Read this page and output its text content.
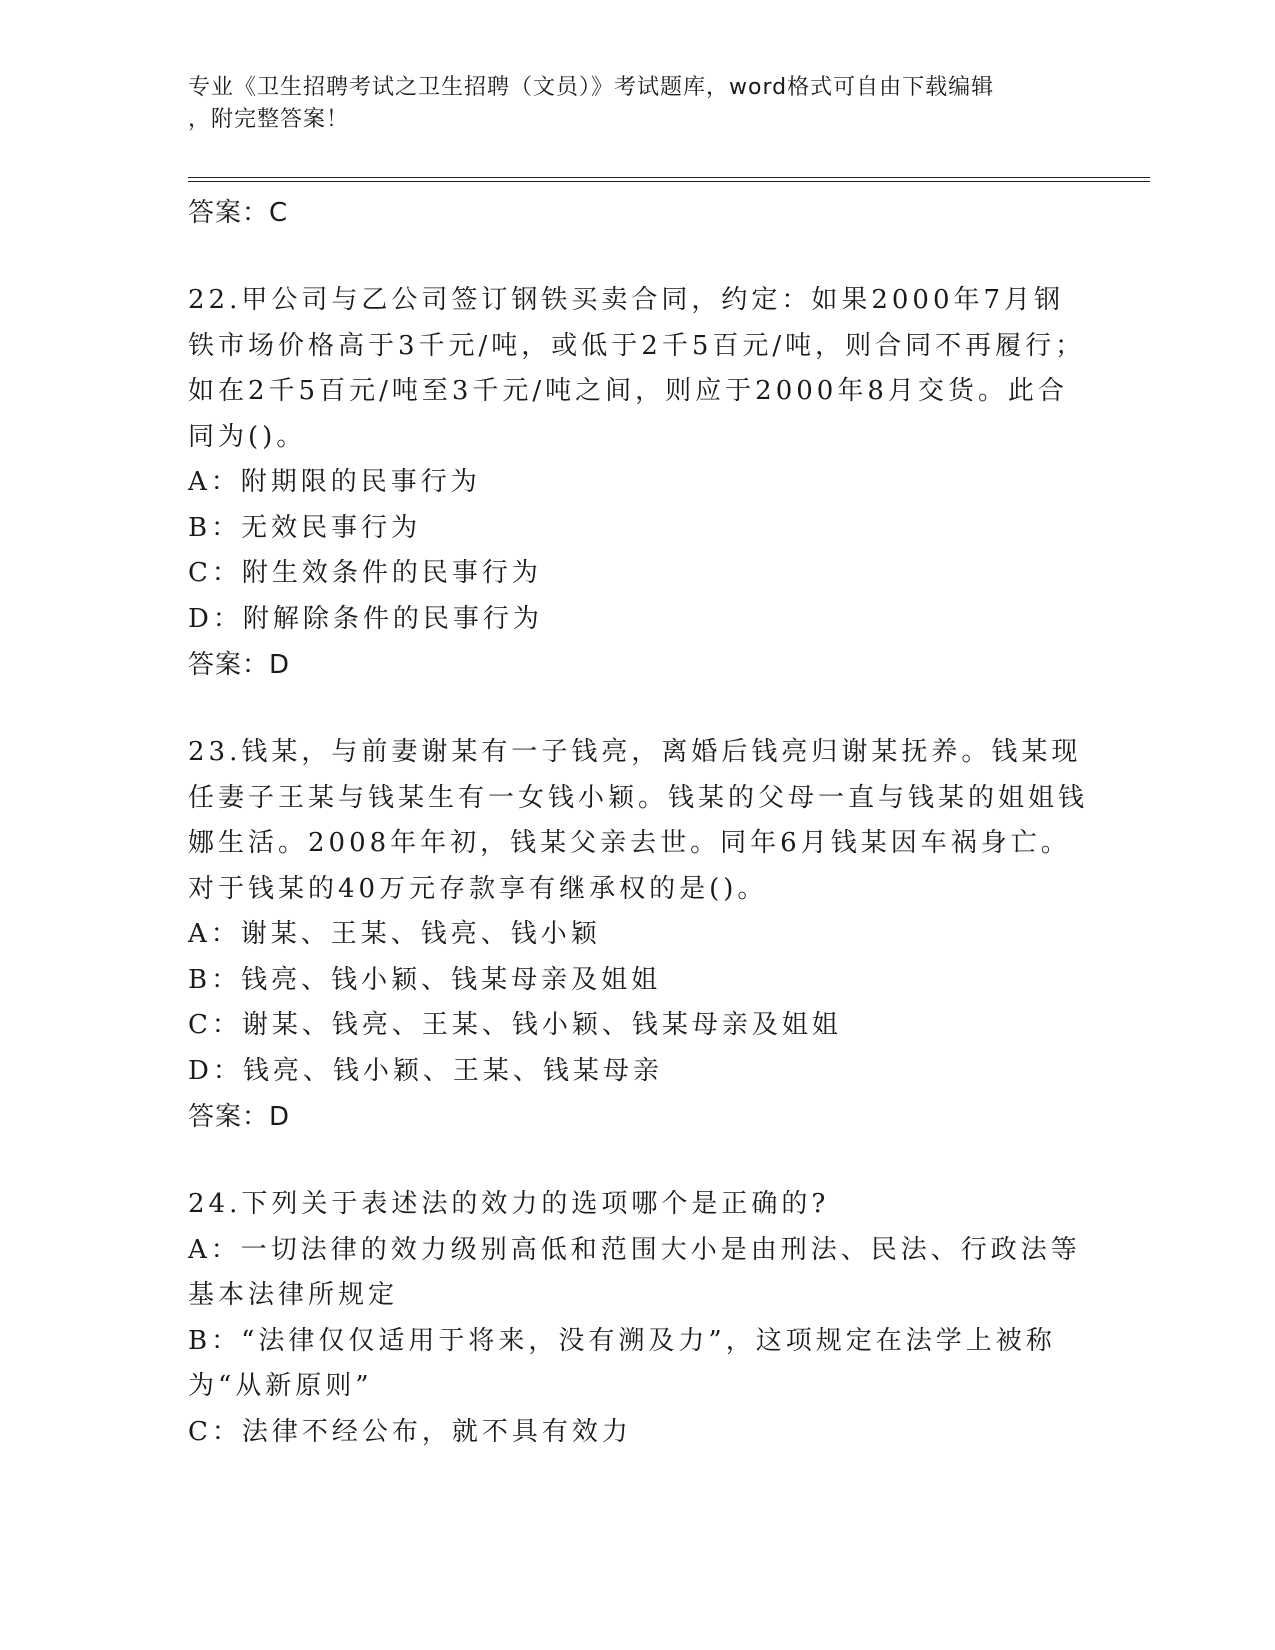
专业《卫生招聘考试之卫生招聘（文员）》考试题库，word格式可自由下载编辑
，附完整答案！

答案：C

22.甲公司与乙公司签订钢铁买卖合同，约定：如果2000年7月钢铁市场价格高于3千元/吨，或低于2千5百元/吨，则合同不再履行；如在2千5百元/吨至3千元/吨之间，则应于2000年8月交货。此合同为()。

A：附期限的民事行为

B：无效民事行为

C：附生效条件的民事行为

D：附解除条件的民事行为

答案：D

23.钱某，与前妻谢某有一子钱亮，离婚后钱亮归谢某抚养。钱某现任妻子王某与钱某生有一女钱小颖。钱某的父母一直与钱某的姐姐钱娜生活。2008年年初，钱某父亲去世。同年6月钱某因车祸身亡。对于钱某的40万元存款享有继承权的是()。

A：谢某、王某、钱亮、钱小颖

B：钱亮、钱小颖、钱某母亲及姐姐

C：谢某、钱亮、王某、钱小颖、钱某母亲及姐姐

D：钱亮、钱小颖、王某、钱某母亲

答案：D

24.下列关于表述法的效力的选项哪个是正确的?

A：一切法律的效力级别高低和范围大小是由刑法、民法、行政法等基本法律所规定

B：“法律仅仅适用于将来，没有溯及力”，这项规定在法学上被称为“从新原则”

C：法律不经公布，就不具有效力
